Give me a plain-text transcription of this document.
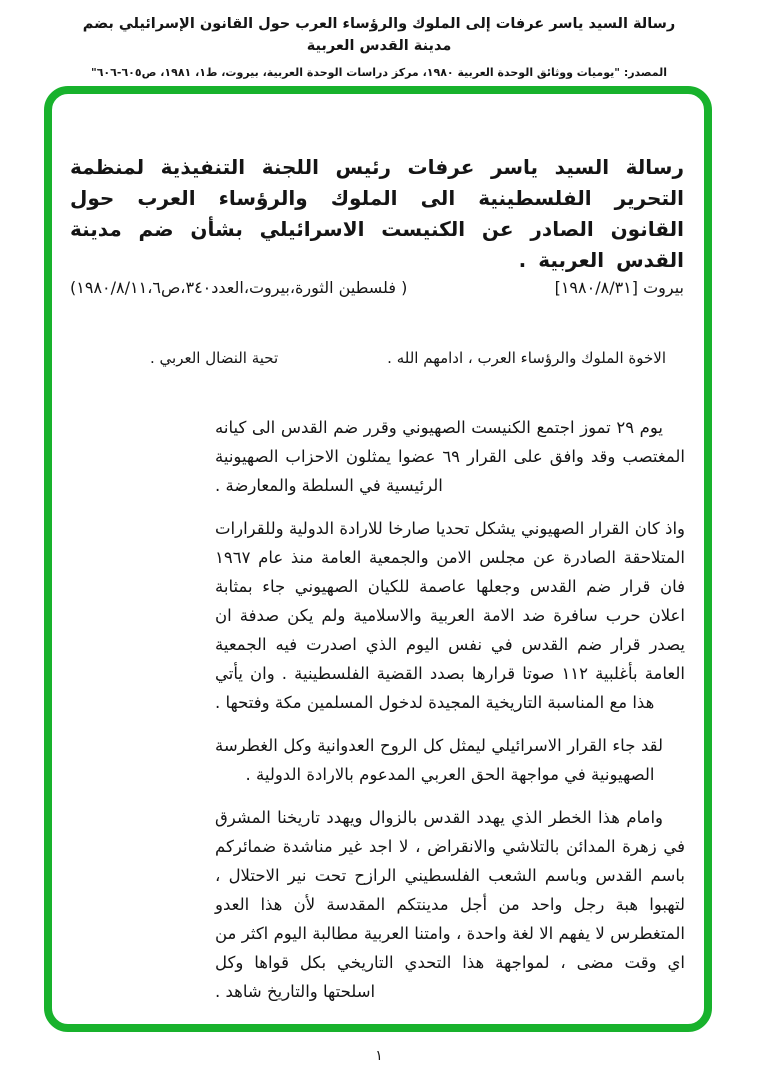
رسالة السيد ياسر عرفات إلى الملوك والرؤساء العرب حول القانون الإسرائيلي بضم مدينة القدس العربية
المصدر: "يوميات ووثائق الوحدة العربية ١٩٨٠، مركز دراسات الوحدة العربية، بيروت، ط١، ١٩٨١، ص٦٠٥-٦٠٦"

رسالة السيد ياسر عرفات رئيس اللجنة التنفيذية لمنظمة التحرير الفلسطينية الى الملوك والرؤساء العرب حول القانون الصادر عن الكنيست الاسرائيلي بشأن ضم مدينة القدس العربية .

بيروت [١٩٨٠/٨/٣١]
( فلسطين الثورة،بيروت،العدد٣٤٠،ص٦،‏١٩٨٠/٨/١١)
الاخوة الملوك والرؤساء العرب ، ادامهم الله .
تحية النضال العربي .

يوم ٢٩ تموز اجتمع الكنيست الصهيوني وقرر ضم القدس الى كيانه المغتصب وقد وافق على القرار ٦٩ عضوا يمثلون الاحزاب الصهيونية الرئيسية في السلطة والمعارضة .

واذ كان القرار الصهيوني يشكل تحديا صارخا للارادة الدولية وللقرارات المتلاحقة الصادرة عن مجلس الامن والجمعية العامة منذ عام ١٩٦٧ فان قرار ضم القدس وجعلها عاصمة للكيان الصهيوني جاء بمثابة اعلان حرب سافرة ضد الامة العربية والاسلامية ولم يكن صدفة ان يصدر قرار ضم القدس في نفس اليوم الذي اصدرت فيه الجمعية العامة بأغلبية ١١٢ صوتا قرارها بصدد القضية الفلسطينية . وان يأتي هذا مع المناسبة التاريخية المجيدة لدخول المسلمين مكة وفتحها .

لقد جاء القرار الاسرائيلي ليمثل كل الروح العدوانية وكل الغطرسة الصهيونية في مواجهة الحق العربي المدعوم بالارادة الدولية .

وامام هذا الخطر الذي يهدد القدس بالزوال ويهدد تاريخنا المشرق في زهرة المدائن بالتلاشي والانقراض ، لا اجد غير مناشدة ضمائركم باسم القدس وباسم الشعب الفلسطيني الرازح تحت نير الاحتلال ، لتهبوا هبة رجل واحد من أجل مدينتكم المقدسة لأن هذا العدو المتغطرس لا يفهم الا لغة واحدة ، وامتنا العربية مطالبة اليوم اكثر من اي وقت مضى ، لمواجهة هذا التحدي التاريخي بكل قواها وكل اسلحتها والتاريخ شاهد .

١
